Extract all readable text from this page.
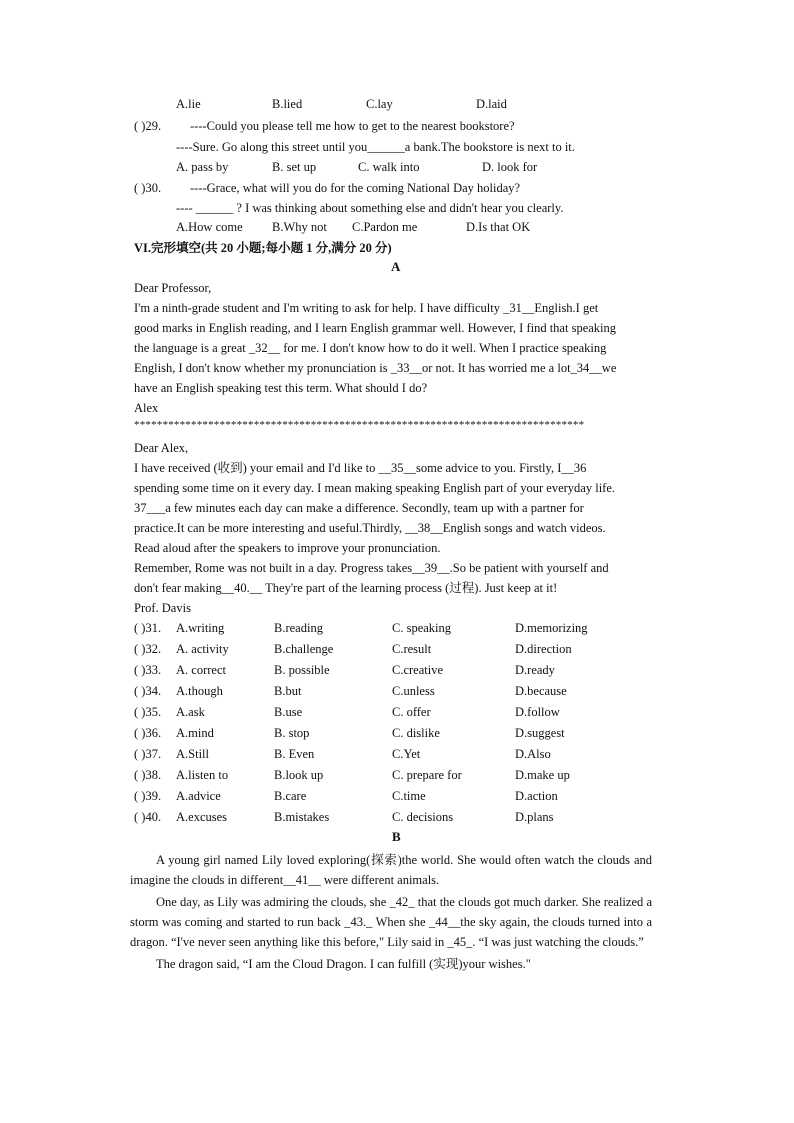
A.lie	B.lied	C.lay	D.laid
( )29. ----Could you please tell me how to get to the nearest bookstore?
----Sure. Go along this street until you______a bank.The bookstore is next to it.
A. pass by	B. set up	C. walk into	D. look for
( )30. ----Grace, what will you do for the coming National Day holiday?
---- ______ ? I was thinking about something else and didn't hear you clearly.
A.How come B.Why not C.Pardon me	D.Is that OK
VI.完形填空(共 20 小题;每小题 1 分,满分 20 分)
A
Dear Professor,
I'm a ninth-grade student and I'm writing to ask for help. I have difficulty _31__English.I get
good marks in English reading, and I learn English grammar well. However, I find that speaking
the language is a great _32__ for me. I don't know how to do it well. When I practice speaking
English, I don't know whether my pronunciation is _33__or not. It has worried me a lot_34__we
have an English speaking test this term. What should I do?
Alex
*******************************************************************************
Dear Alex,
I have received (收到) your email and I'd like to __35__some advice to you. Firstly, I__36
spending some time on it every day. I mean making speaking English part of your everyday life.
37___a few minutes each day can make a difference. Secondly, team up with a partner for
practice.It can be more interesting and useful.Thirdly, __38__English songs and watch videos.
Read aloud after the speakers to improve your pronunciation.
Remember, Rome was not built in a day. Progress takes__39__.So be patient with yourself and
don't fear making__40.__ They're part of the learning process (过程). Just keep at it!
Prof. Davis
( )31. A.writing	B.reading	C. speaking	D.memorizing
( )32. A. activity	B.challenge	C.result	D.direction
( )33. A. correct	B. possible	C.creative	D.ready
( )34. A.though	B.but	C.unless	D.because
( )35. A.ask	B.use	C. offer	D.follow
( )36. A.mind	B. stop	C. dislike	D.suggest
( )37. A.Still	B. Even	C.Yet	D.Also
( )38. A.listen to	B.look up	C. prepare for	D.make up
( )39. A.advice	B.care	C.time	D.action
( )40. A.excuses	B.mistakes	C. decisions	D.plans
B

A young girl named Lily loved exploring(探索)the world. She would often watch the clouds and imagine the clouds in different__41__ were different animals.

One day, as Lily was admiring the clouds, she _42_ that the clouds got much darker. She realized a storm was coming and started to run back _43._ When she _44__the sky again, the clouds turned into a dragon. “I've never seen anything like this before," Lily said in _45_. “I was just watching the clouds.”

The dragon said, “I am the Cloud Dragon. I can fulfill (实现)your wishes."
